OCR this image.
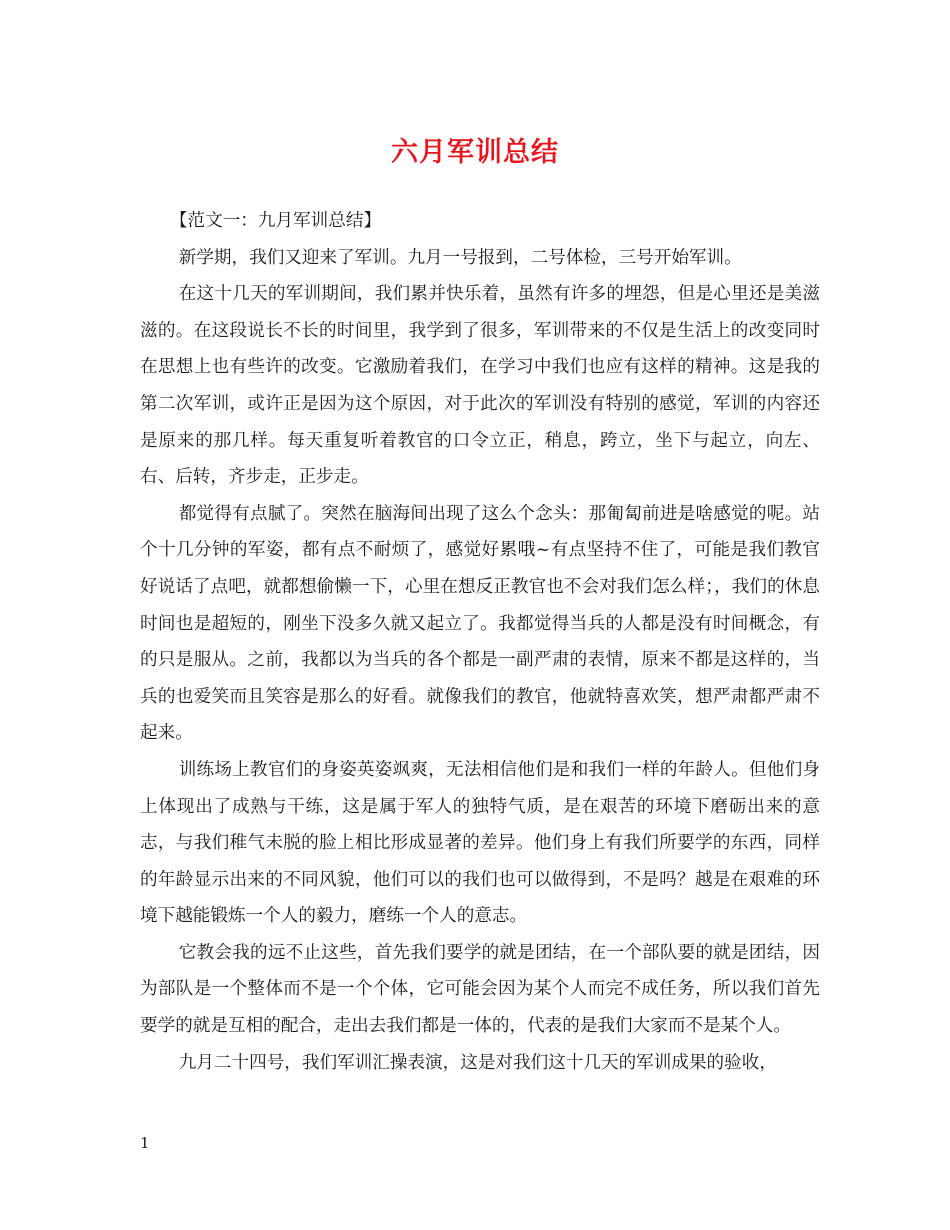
六月军训总结

【范文一：九月军训总结】

新学期，我们又迎来了军训。九月一号报到，二号体检，三号开始军训。

在这十几天的军训期间，我们累并快乐着，虽然有许多的埋怨，但是心里还是美滋滋的。在这段说长不长的时间里，我学到了很多，军训带来的不仅是生活上的改变同时在思想上也有些许的改变。它激励着我们，在学习中我们也应有这样的精神。这是我的第二次军训，或许正是因为这个原因，对于此次的军训没有特别的感觉，军训的内容还是原来的那几样。每天重复听着教官的口令立正，稍息，跨立，坐下与起立，向左、右、后转，齐步走，正步走。

都觉得有点腻了。突然在脑海间出现了这么个念头：那匍匐前进是啥感觉的呢。站个十几分钟的军姿，都有点不耐烦了，感觉好累哦~有点坚持不住了，可能是我们教官好说话了点吧，就都想偷懒一下，心里在想反正教官也不会对我们怎么样；，我们的休息时间也是超短的，刚坐下没多久就又起立了。我都觉得当兵的人都是没有时间概念，有的只是服从。之前，我都以为当兵的各个都是一副严肃的表情，原来不都是这样的，当兵的也爱笑而且笑容是那么的好看。就像我们的教官，他就特喜欢笑，想严肃都严肃不起来。

训练场上教官们的身姿英姿飒爽，无法相信他们是和我们一样的年龄人。但他们身上体现出了成熟与干练，这是属于军人的独特气质，是在艰苦的环境下磨砺出来的意志，与我们稚气未脱的脸上相比形成显著的差异。他们身上有我们所要学的东西，同样的年龄显示出来的不同风貌，他们可以的我们也可以做得到，不是吗？越是在艰难的环境下越能锻炼一个人的毅力，磨练一个人的意志。

它教会我的远不止这些，首先我们要学的就是团结，在一个部队要的就是团结，因为部队是一个整体而不是一个个体，它可能会因为某个人而完不成任务，所以我们首先要学的就是互相的配合，走出去我们都是一体的，代表的是我们大家而不是某个人。

九月二十四号，我们军训汇操表演，这是对我们这十几天的军训成果的验收，

1
